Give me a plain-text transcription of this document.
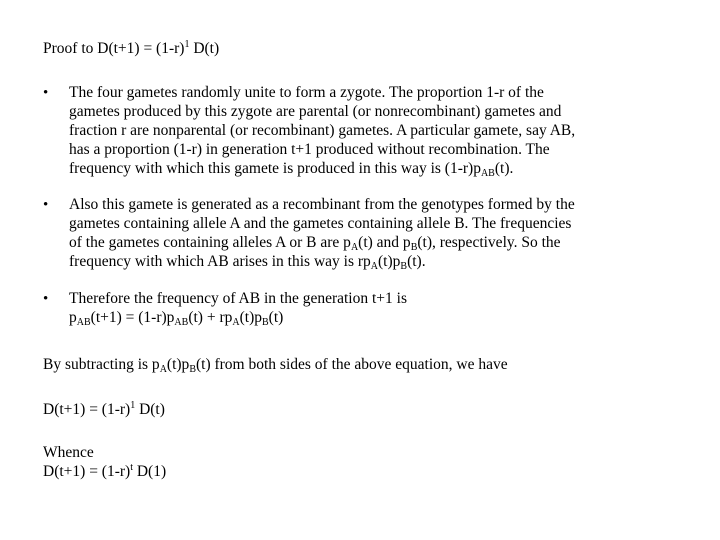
Proof to $D(t+1) = (1-r)^1$ D(t)
• The four gametes randomly unite to form a zygote. The proportion 1-r of the
gametes produced by this zygote are parental (or nonrecombinant) gametes and
fraction r are nonparental (or recombinant) gametes. A particular gamete, say AB,
has a proportion (1-r) in generation t+1 produced without recombination. The
frequency with which this gamete is produced in this way is $(1-r)p_{AB}(t)$.
• Also this gamete is generated as a recombinant from the genotypes formed by the
gametes containing allele A and the gametes containing allele B. The frequencies
of the gametes containing alleles A or B are $p_A(t)$ and $p_B(t)$, respectively. So the
frequency with which AB arises in this way is $rp_A(t)p_B(t)$.
• Therefore the frequency of AB in the generation t+1 is
$p_{AB}(t+1) = (1-r)p_{AB}(t) + rp_A(t)p_B(t)$
By subtracting is $p_A(t)p_B(t)$ from both sides of the above equation, we have
$D(t+1) = (1-r)^1$ D(t)
Whence
$D(t+1) = (1-r)^t$ D(1)
